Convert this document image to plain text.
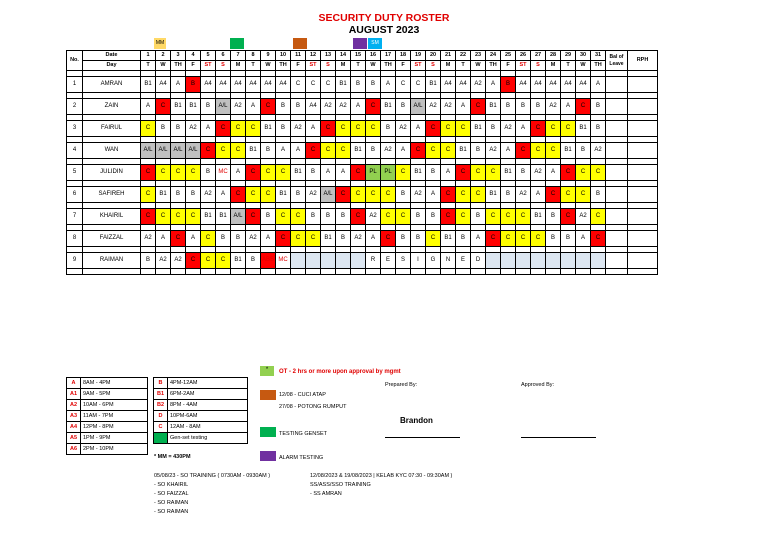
SECURITY DUTY ROSTER
AUGUST 2023
MM	SM
No.	Date	1	2	3	4	5	6	7	8	9	10	11	12	13	14	15	16	17	18	19	20	21	22	23	24	25	26	27	28	29	30	31	Bal of Leave	RPH
	Day	T	W	TH	F	ST	S	M	T	W	TH	F	ST	S	M	T	W	TH	F	ST	S	M	T	W	TH	F	ST	S	M	T	W	TH		

1	AMRAN	B1	A4	A	B	A4	A4	A4	A4	A4	A4	C	C	C	B1	B	B	A	C	C	B1	A4	A4	A2	A	B	A4	A4	A4	A4	A4	A		

2	ZAIN	A	C	B1	B1	B	A/L	A2	A	C	B	B	A4	A2	A2	A	C	B1	B	A/L	A2	A2	A	C	B1	B	B	B	A2	A	C	B		

3	FAIRUL	C	B	B	A2	A	C	C	C	B1	B	A2	A	C	C	C	C	B	A2	A	C	C	C	B1	B	A2	A	C	C	C	B1	B		

4	WAN	A/L	A/L	A/L	A/L	C	C	C	B1	B	A	A	C	C	C	B1	B	A2	A	C	C	C	B1	B	A2	A	C	C	C	B1	B	A2		

5	JULIDIN	C	C	C	C	B	MC	A	C	C	C	B1	B	A	A	C	PL	PL	C	B1	B	A	C	C	C	B1	B	A2	A	C	C	C		

6	SAFIREH	C	B1	B	B	A2	A	C	C	C	B1	B	A2	A/L	C	C	C	C	B	A2	A	C	C	C	B1	B	A2	A	C	C	C	B		

7	KHAIRIL	C	C	C	C	B1	B1	A/L	C	B	C	C	B	B	B	C	A2	C	C	B	B	C	C	B	C	C	C	B1	B	C	A2	C		

8	FAIZZAL	A2	A	C	A	C	B	B	A2	A	C	C	C	B1	B	A2	A	C	B	B	C	B1	B	A	C	C	C	C	B	B	A	C		

9	RAIMAN	B	A2	A2	C	C	C	B1	B	ABS	MC						R	E	S	I	G	N	E	D										

A	8AM - 4PM
A1	9AM - 5PM
A2	10AM - 6PM
A3	11AM - 7PM
A4	12PM - 8PM
A5	1PM - 9PM
A6	2PM - 10PM
B	4PM-12AM
B1	6PM-2AM
B2	8PM - 4AM
D	10PM-6AM
C	12AM - 8AM
	Gen-set testing
* MM = 430PM
*	OT - 2 hrs or more upon approval by mgmt
12/08 - CUCI ATAP
27/08 - POTONG RUMPUT
TESTING GENSET
ALARM TESTING
Prepared By:	Approved By:
Brandon
05/08/23 - SO TRAINING ( 0730AM - 0930AM )
- SO KHAIRIL
- SO FAIZZAL
- SO RAIMAN
- SO RAIMAN
12/08/2023 & 19/08/2023 | KELAB KYC 07:30 - 09:30AM )
SS/ASS/SSO TRAINING
- SS AMRAN
